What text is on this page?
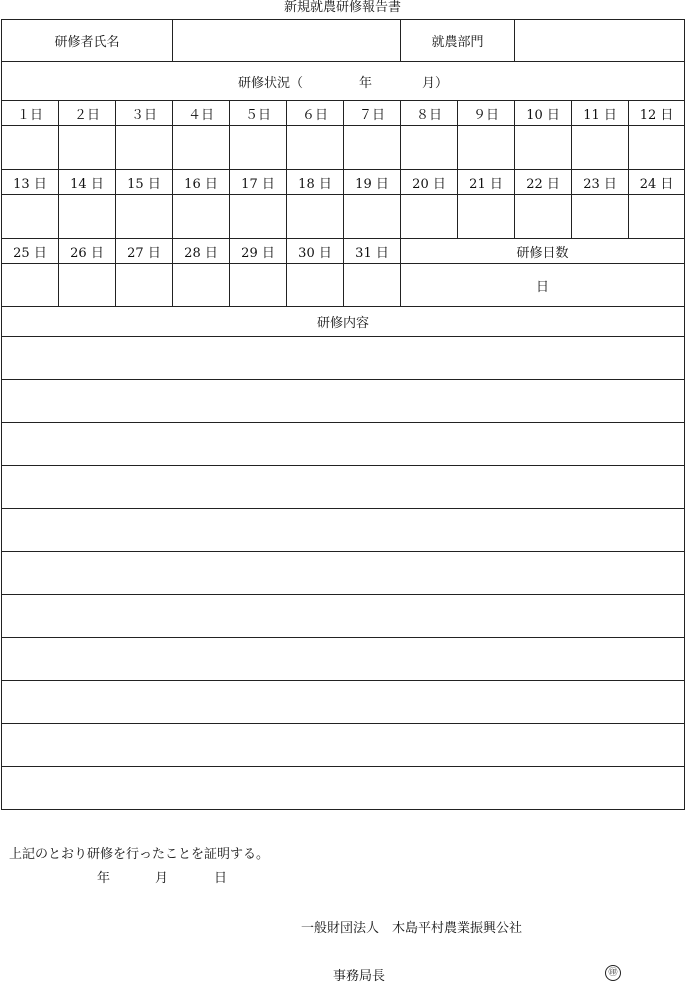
新規就農研修報告書
研修者氏名							就農部門				
研修状況（ 年 月）											
１日	２日	３日	４日	５日	６日	７日	８日	９日	10 日	11 日	12 日

13 日	14 日	15 日	16 日	17 日	18 日	19 日	20 日	21 日	22 日	23 日	24 日

25 日	26 日	27 日	28 日	29 日	30 日	31 日	研修日数				
							日				
研修内容											

上記のとおり研修を行ったことを証明する。
年	月	日
一般財団法人　木島平村農業振興公社
事務局長	㊞
